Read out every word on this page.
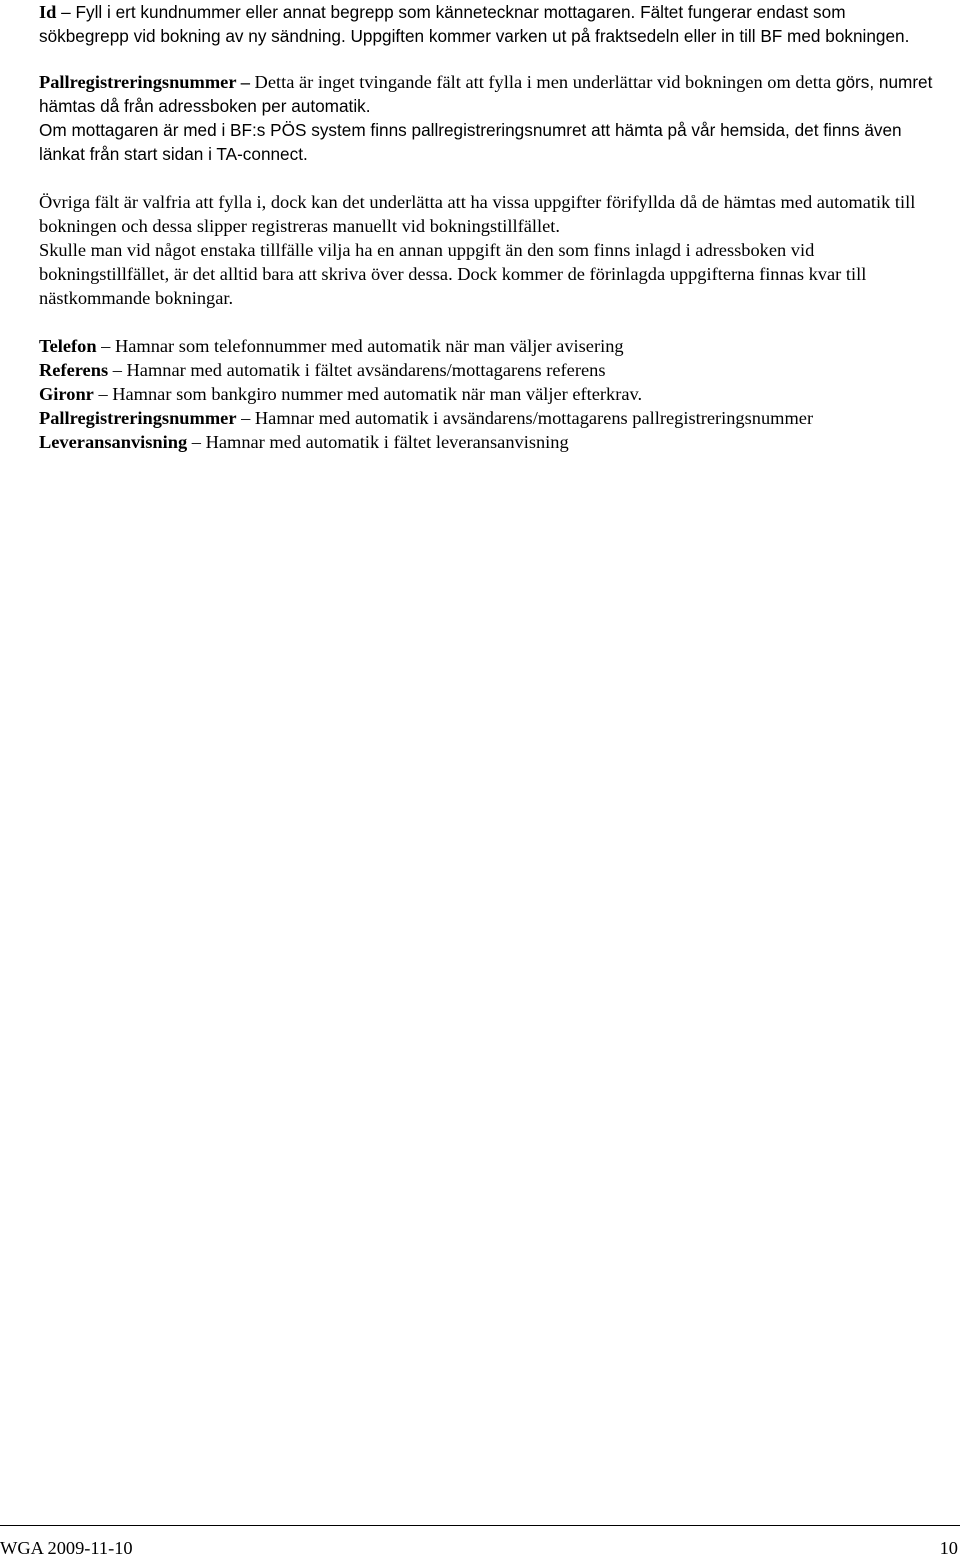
Id – Fyll i ert kundnummer eller annat begrepp som kännetecknar mottagaren. Fältet fungerar endast som sökbegrepp vid bokning av ny sändning. Uppgiften kommer varken ut på fraktsedeln eller in till BF med bokningen.

Pallregistreringsnummer – Detta är inget tvingande fält att fylla i men underlättar vid bokningen om detta görs, numret hämtas då från adressboken per automatik.

Om mottagaren är med i BF:s PÖS system finns pallregistreringsnumret att hämta på vår hemsida, det finns även länkat från start sidan i TA-connect.

Övriga fält är valfria att fylla i, dock kan det underlätta att ha vissa uppgifter förifyllda då de hämtas med automatik till bokningen och dessa slipper registreras manuellt vid bokningstillfället.

Skulle man vid något enstaka tillfälle vilja ha en annan uppgift än den som finns inlagd i adressboken vid bokningstillfället, är det alltid bara att skriva över dessa. Dock kommer de förinlagda uppgifterna finnas kvar till nästkommande bokningar.

Telefon – Hamnar som telefonnummer med automatik när man väljer avisering
Referens – Hamnar med automatik i fältet avsändarens/mottagarens referens
Gironr – Hamnar som bankgiro nummer med automatik när man väljer efterkrav.
Pallregistreringsnummer – Hamnar med automatik i avsändarens/mottagarens pallregistreringsnummer
Leveransanvisning – Hamnar med automatik i fältet leveransanvisning
WGA 2009-11-10	10
